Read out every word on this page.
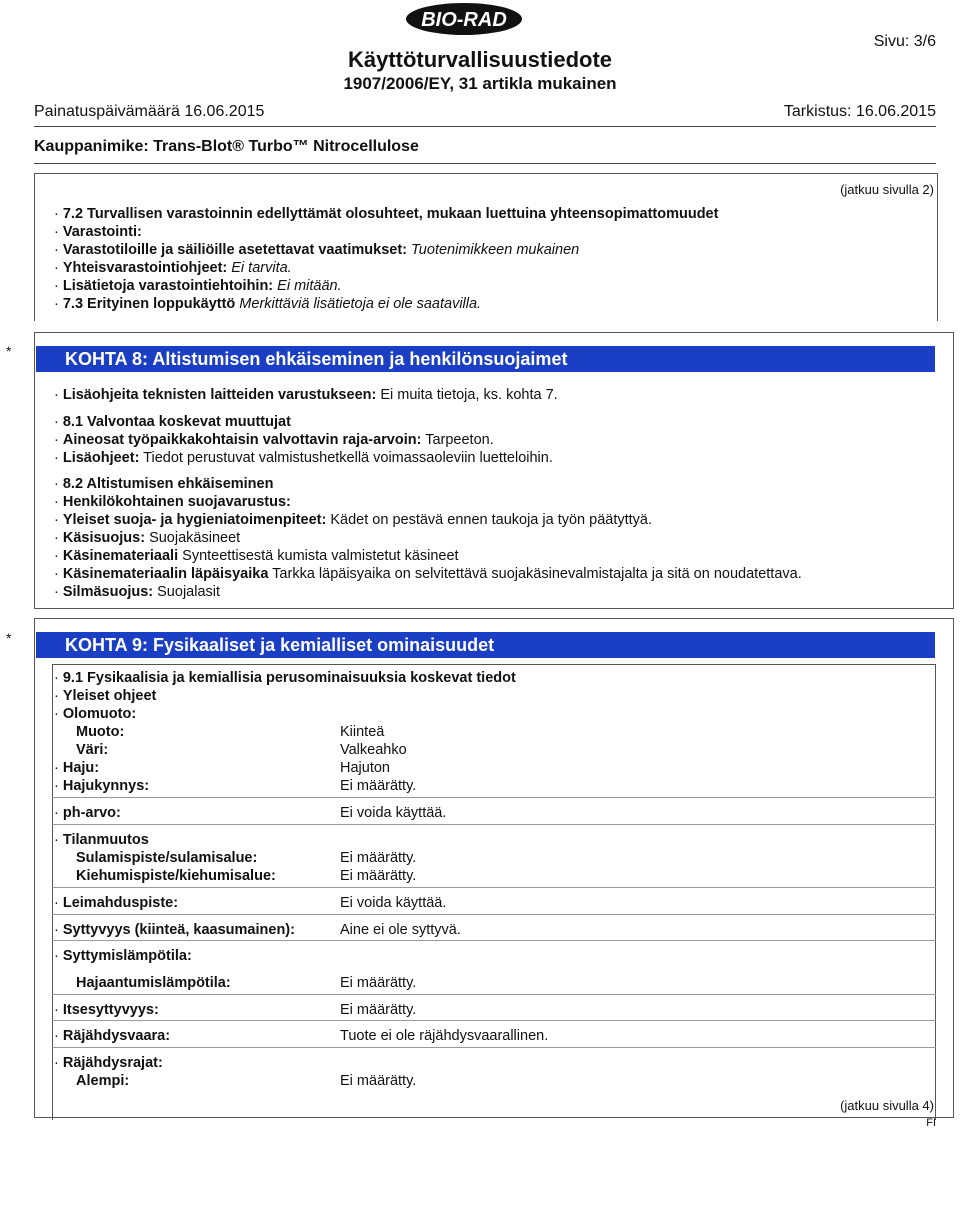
BIO-RAD
Käyttöturvallisuustiedote
1907/2006/EY, 31 artikla mukainen
Sivu: 3/6
Painatuspäivämäärä 16.06.2015	Tarkistus: 16.06.2015
Kauppanimike: Trans-Blot® Turbo™ Nitrocellulose
(jatkuu sivulla 2)
· 7.2 Turvallisen varastoinnin edellyttämät olosuhteet, mukaan luettuina yhteensopimattomuudet
· Varastointi:
· Varastotiloille ja säiliöille asetettavat vaatimukset: Tuotenimikkeen mukainen
· Yhteisvarastointiohjeet: Ei tarvita.
· Lisätietoja varastointiehtoihin: Ei mitään.
· 7.3 Erityinen loppukäyttö Merkittäviä lisätietoja ei ole saatavilla.
*	KOHTA 8: Altistumisen ehkäiseminen ja henkilönsuojaimet
· Lisäohjeita teknisten laitteiden varustukseen: Ei muita tietoja, ks. kohta 7.
· 8.1 Valvontaa koskevat muuttujat
· Aineosat työpaikkakohtaisin valvottavin raja-arvoin: Tarpeeton.
· Lisäohjeet: Tiedot perustuvat valmistushetkellä voimassaoleviin luetteloihin.
· 8.2 Altistumisen ehkäiseminen
· Henkilökohtainen suojavarustus:
· Yleiset suoja- ja hygieniatoimenpiteet: Kädet on pestävä ennen taukoja ja työn päätyttyä.
· Käsisuojus: Suojakäsineet
· Käsinemateriaali Synteettisestä kumista valmistetut käsineet
· Käsinemateriaalin läpäisyaika Tarkka läpäisyaika on selvitettävä suojakäsinevalmistajalta ja sitä on noudatettava.
· Silmäsuojus: Suojalasit
*	KOHTA 9: Fysikaaliset ja kemialliset ominaisuudet
· 9.1 Fysikaalisia ja kemiallisia perusominaisuuksia koskevat tiedot
· Yleiset ohjeet
· Olomuoto:
Muoto:	Kiinteä
Väri:	Valkeahko
· Haju:	Hajuton
· Hajukynnys:	Ei määrätty.
· ph-arvo:	Ei voida käyttää.
· Tilanmuutos
Sulamispiste/sulamisalue:	Ei määrätty.
Kiehumispiste/kiehumisalue:	Ei määrätty.
· Leimahduspiste:	Ei voida käyttää.
· Syttyvyys (kiinteä, kaasumainen):	Aine ei ole syttyvä.
· Syttymislämpötila:
Hajaantumislämpötila:	Ei määrätty.
· Itsesyttyvyys:	Ei määrätty.
· Räjähdysvaara:	Tuote ei ole räjähdysvaarallinen.
· Räjähdysrajat:
Alempi:	Ei määrätty.
(jatkuu sivulla 4)
FI
